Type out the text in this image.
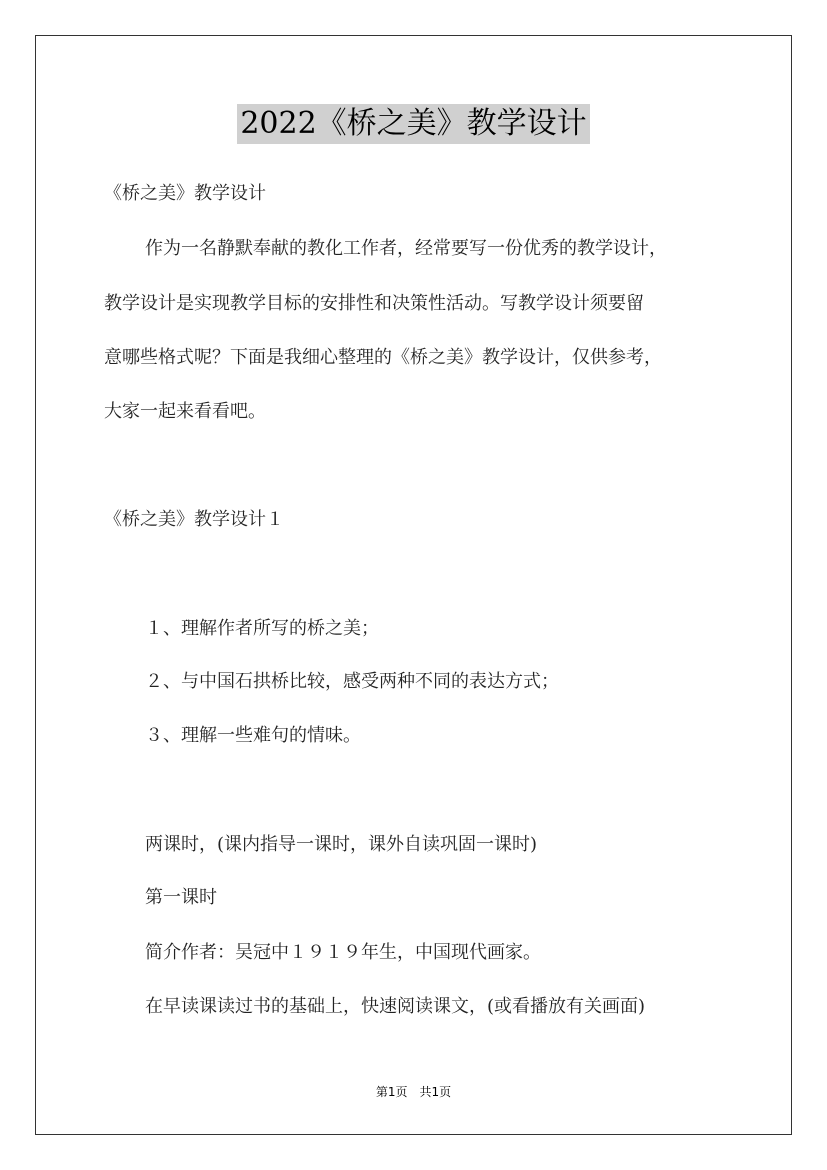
2022《桥之美》教学设计
《桥之美》教学设计
作为一名静默奉献的教化工作者，经常要写一份优秀的教学设计，
教学设计是实现教学目标的安排性和决策性活动。写教学设计须要留
意哪些格式呢？下面是我细心整理的《桥之美》教学设计，仅供参考，
大家一起来看看吧。
《桥之美》教学设计１
１、理解作者所写的桥之美；
２、与中国石拱桥比较，感受两种不同的表达方式；
３、理解一些难句的情味。
两课时，(课内指导一课时，课外自读巩固一课时)
第一课时
简介作者：吴冠中１９１９年生，中国现代画家。
在早读课读过书的基础上，快速阅读课文，(或看播放有关画面)
第1页　共1页
